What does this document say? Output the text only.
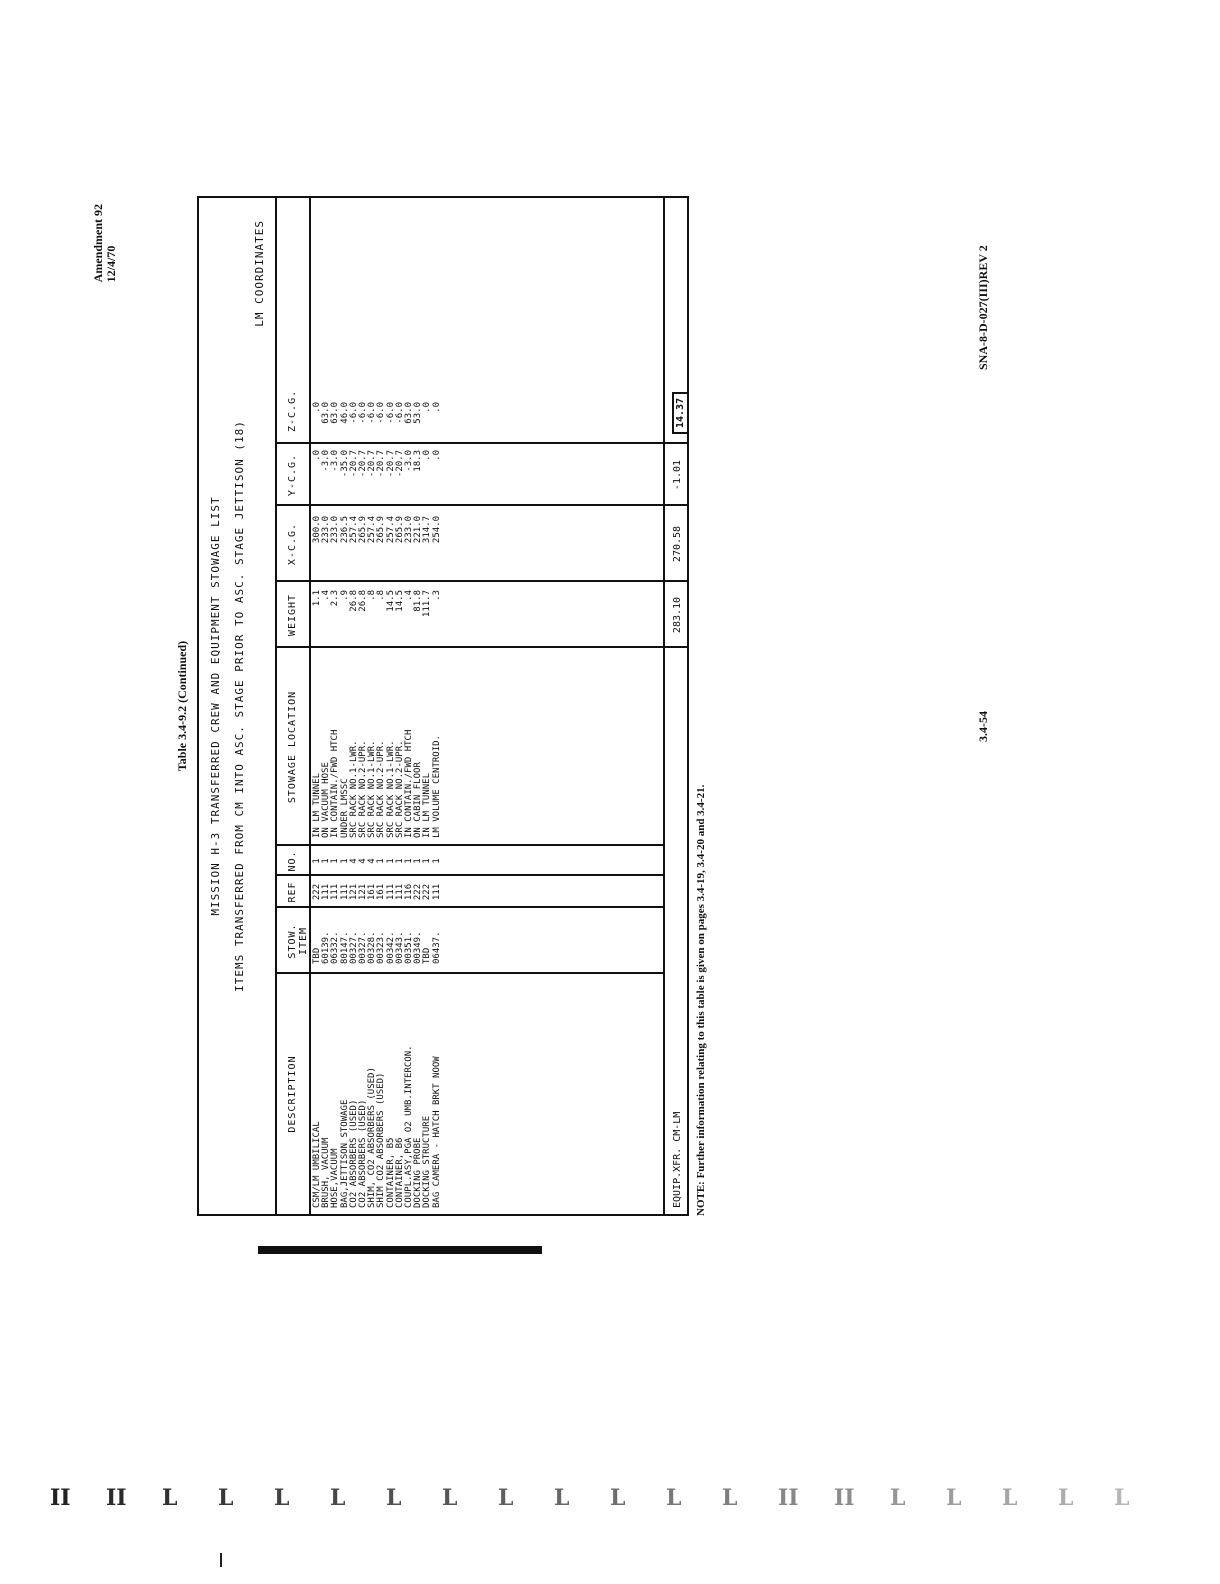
Amendment 92 12/4/70
Table 3.4-9.2 (Continued) MISSION H-3 TRANSFERRED CREW AND EQUIPMENT STOWAGE LIST ITEMS TRANSFERRED FROM CM INTO ASC. STAGE PRIOR TO ASC. STAGE JETTISON (18)
LM COORDINATES
DESCRIPTION
STOW. ITEM
REF
NO.
STOWAGE LOCATION
WEIGHT
X-C.G.
Y-C.G.
Z-C.G.
CSM/LM UMBILICAL
TBD
222
1
IN LM TUNNEL
1.1
300.0
.0
.0
BRUSH, VACUUM
60139.
111
1
ON VACUUM HOSE
.4
233.0
-3.0
63.0
HOSE,VACUUM
06332.
111
1
IN CONTAIN./FWD HTCH
2.3
233.0
-3.0
63.0
BAG,JETTISON STOWAGE
80147.
111
1
UNDER LMSSC
.9
236.5
-35.0
46.0
CO2 ABSORBERS (USED)
00327.
121
4
SRC RACK NO.1-LWR.
26.8
257.4
-20.7
-6.0
CO2 ABSORBERS (USED)
00327.
121
4
SRC RACK NO.2-UPR.
26.8
265.9
-20.7
-6.0
SHIM, CO2 ABSORBERS (USED)
00328.
161
4
SRC RACK NO.1-LWR.
.8
257.4
-20.7
-6.0
SHIM CO2 ABSORBERS (USED)
00323.
161
1
SRC RACK NO.2-UPR.
.8
265.9
-20.7
-6.0
CONTAINER, B5
00342.
111
1
SRC RACK NO.1-LWR.
14.5
257.4
-20.7
-6.0
CONTAINER, B6
00343.
111
1
SRC RACK NO.2-UPR.
14.5
265.9
-20.7
-6.0
COUPL.ASY,PGA O2 UMB.INTERCON.
00351.
116
1
IN CONTAIN./FWD HTCH
.4
233.0
-3.0
63.0
DOCKING PROBE
00349.
222
1
ON CABIN FLOOR
81.8
221.0
18.3
53.0
DOCKING STRUCTURE
TBD
222
1
IN LM TUNNEL
111.7
314.7
.0
.0
BAG CAMERA - HATCH BRKT NOOW
06437.
111
1
LM VOLUME CENTROID.
.3
254.0
.0
.0
EQUIP.XFR. CM-LM
283.10
270.58
-1.01
14.37
NOTE: Further information relating to this table is given on pages 3.4-19, 3.4-20 and 3.4-21.
3.4-54
SNA-8-D-027(III)REV 2
II II L L L L L L L L L L L II II L L L L L
